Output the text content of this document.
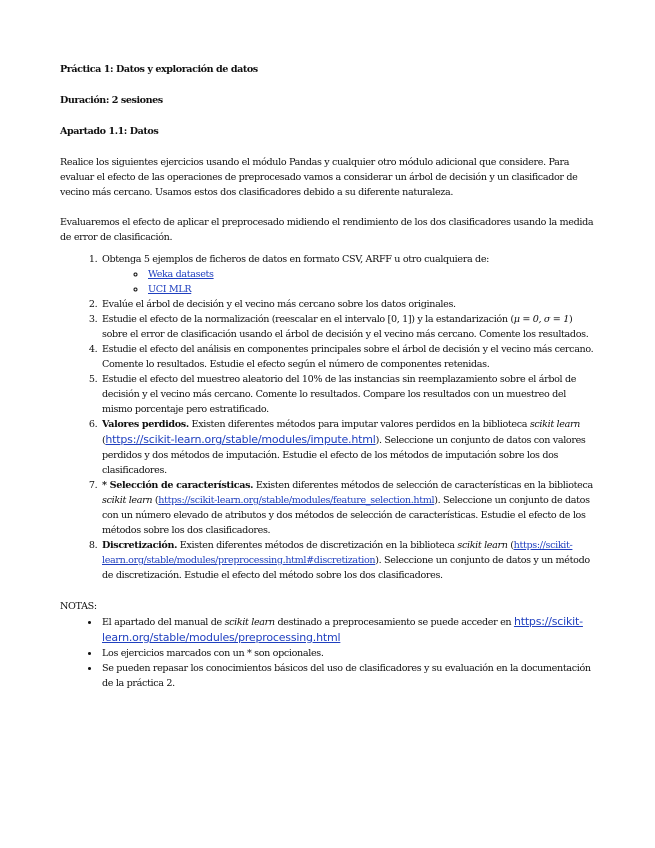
Práctica 1: Datos y exploración de datos

Duración: 2 sesiones

Apartado 1.1: Datos

Realice los siguientes ejercicios usando el módulo Pandas y cualquier otro módulo adicional que considere. Para evaluar el efecto de las operaciones de preprocesado vamos a considerar un árbol de decisión y un clasificador de vecino más cercano. Usamos estos dos clasificadores debido a su diferente naturaleza.

Evaluaremos el efecto de aplicar el preprocesado midiendo el rendimiento de los dos clasificadores usando la medida de error de clasificación.

1. Obtenga 5 ejemplos de ficheros de datos en formato CSV, ARFF u otro cualquiera de:
◦ Weka datasets
◦ UCI MLR
2. Evalúe el árbol de decisión y el vecino más cercano sobre los datos originales.
3. Estudie el efecto de la normalización (reescalar en el intervalo [0, 1]) y la estandarización (μ = 0, σ = 1) sobre el error de clasificación usando el árbol de decisión y el vecino más cercano. Comente los resultados.
4. Estudie el efecto del análisis en componentes principales sobre el árbol de decisión y el vecino más cercano. Comente lo resultados. Estudie el efecto según el número de componentes retenidas.
5. Estudie el efecto del muestreo aleatorio del 10% de las instancias sin reemplazamiento sobre el árbol de decisión y el vecino más cercano. Comente lo resultados. Compare los resultados con un muestreo del mismo porcentaje pero estratificado.
6. Valores perdidos. Existen diferentes métodos para imputar valores perdidos en la biblioteca scikit learn (https://scikit-learn.org/stable/modules/impute.html). Seleccione un conjunto de datos con valores perdidos y dos métodos de imputación. Estudie el efecto de los métodos de imputación sobre los dos clasificadores.
7. * Selección de características. Existen diferentes métodos de selección de características en la biblioteca scikit learn (https://scikit-learn.org/stable/modules/feature_selection.html). Seleccione un conjunto de datos con un número elevado de atributos y dos métodos de selección de características. Estudie el efecto de los métodos sobre los dos clasificadores.
8. Discretización. Existen diferentes métodos de discretización en la biblioteca scikit learn (https://scikit-learn.org/stable/modules/preprocessing.html#discretization). Seleccione un conjunto de datos y un método de discretización. Estudie el efecto del método sobre los dos clasificadores.

NOTAS:

• El apartado del manual de scikit learn destinado a preprocesamiento se puede acceder en https://scikit-learn.org/stable/modules/preprocessing.html
• Los ejercicios marcados con un * son opcionales.
• Se pueden repasar los conocimientos básicos del uso de clasificadores y su evaluación en la documentación de la práctica 2.
